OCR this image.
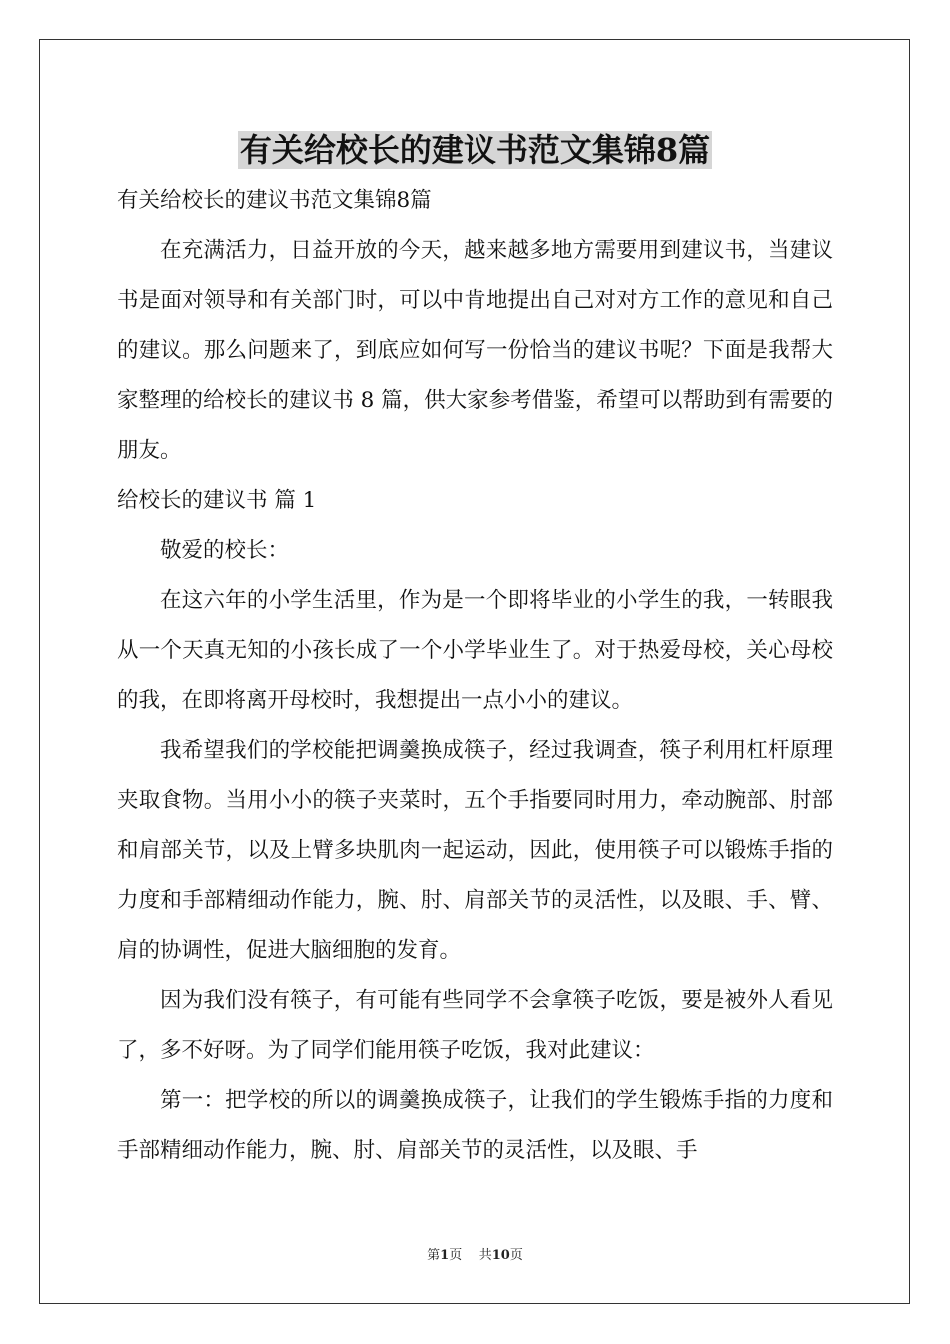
有关给校长的建议书范文集锦8篇

有关给校长的建议书范文集锦8篇

在充满活力，日益开放的今天，越来越多地方需要用到建议书，当建议书是面对领导和有关部门时，可以中肯地提出自己对对方工作的意见和自己的建议。那么问题来了，到底应如何写一份恰当的建议书呢？下面是我帮大家整理的给校长的建议书 8 篇，供大家参考借鉴，希望可以帮助到有需要的朋友。

给校长的建议书 篇 1

敬爱的校长：

在这六年的小学生活里，作为是一个即将毕业的小学生的我，一转眼我从一个天真无知的小孩长成了一个小学毕业生了。对于热爱母校，关心母校的我，在即将离开母校时，我想提出一点小小的建议。

我希望我们的学校能把调羹换成筷子，经过我调查，筷子利用杠杆原理夹取食物。当用小小的筷子夹菜时，五个手指要同时用力，牵动腕部、肘部和肩部关节，以及上臂多块肌肉一起运动，因此，使用筷子可以锻炼手指的力度和手部精细动作能力，腕、肘、肩部关节的灵活性，以及眼、手、臂、肩的协调性，促进大脑细胞的发育。

因为我们没有筷子，有可能有些同学不会拿筷子吃饭，要是被外人看见了，多不好呀。为了同学们能用筷子吃饭，我对此建议：

第一：把学校的所以的调羹换成筷子，让我们的学生锻炼手指的力度和手部精细动作能力，腕、肘、肩部关节的灵活性，以及眼、手

第1页    共10页
